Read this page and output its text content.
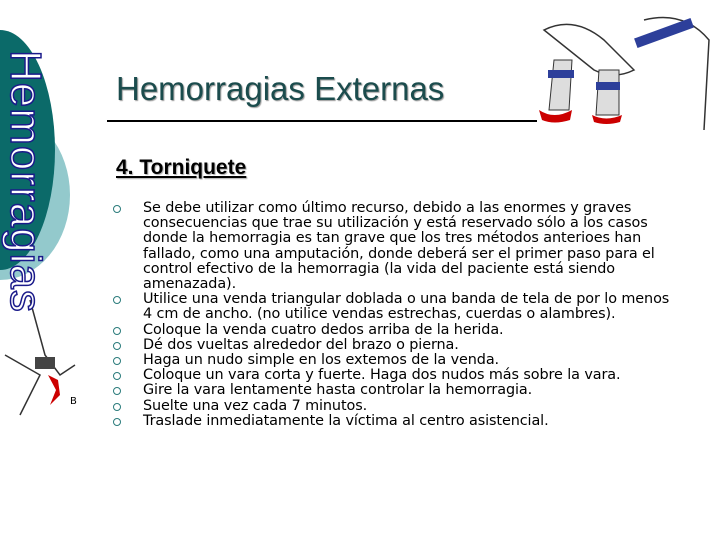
Hemorragias Hemorragias Externas
4. Torniquete
B
Se debe utilizar como último recurso, debido a las enormes y graves consecuencias que trae su utilización y está reservado sólo a los casos donde la hemorragia es tan grave que los tres métodos anterioes han fallado, como una amputación, donde deberá ser el primer paso para el control efectivo de la hemorragia (la vida del paciente está siendo amenazada).
Utilice una venda triangular doblada o una banda de tela de por lo menos 4 cm de ancho. (no utilice vendas estrechas, cuerdas o alambres).
Coloque la venda cuatro dedos arriba de la herida.
Dé dos vueltas alrededor del brazo o pierna.
Haga un nudo simple en los extemos de la venda.
Coloque un vara corta y fuerte. Haga dos nudos más sobre la vara.
Gire la vara lentamente hasta controlar la hemorragia.
Suelte una vez cada 7 minutos.
Traslade inmediatamente la víctima al centro asistencial.
